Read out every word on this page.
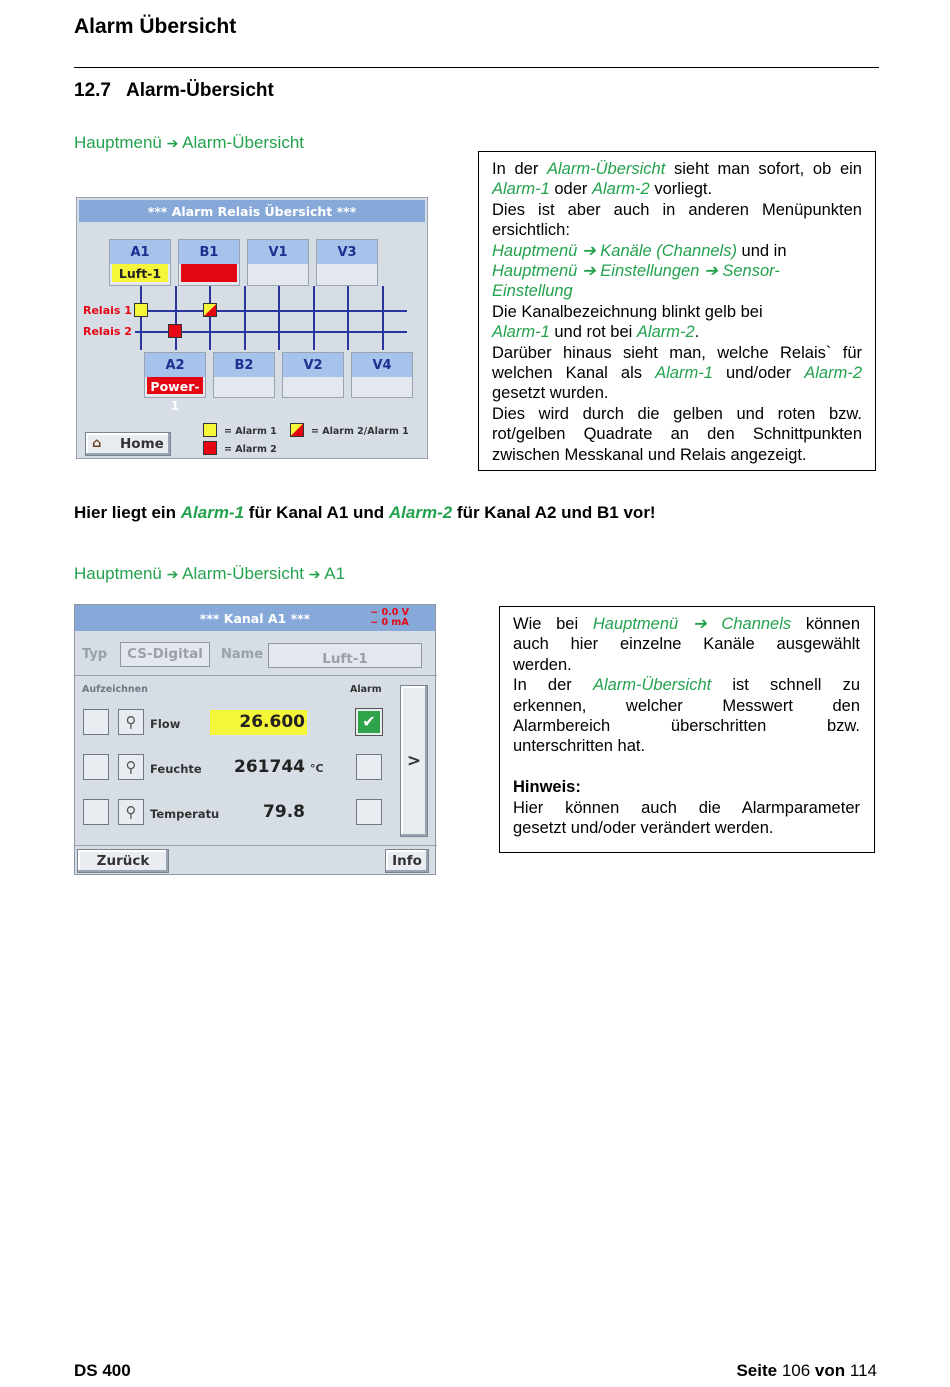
Alarm Übersicht
12.7 Alarm-Übersicht
Hauptmenü ➔ Alarm-Übersicht
*** Alarm Relais Übersicht ***
Relais 1
Relais 2
A1
Luft-1
B1	V1	V3
A2
Power-1
B2	V2	V4
⌂ Home
= Alarm 1
= Alarm 2
= Alarm 2/Alarm 1
In der Alarm-Übersicht sieht man sofort, ob ein
Alarm-1 oder Alarm-2 vorliegt.
Dies ist aber auch in anderen Menüpunkten
ersichtlich:
Hauptmenü ➔ Kanäle (Channels) und in
Hauptmenü ➔ Einstellungen ➔ Sensor-
Einstellung
Die Kanalbezeichnung blinkt gelb bei
Alarm-1 und rot bei Alarm-2.
Darüber hinaus sieht man, welche Relais` für
welchen Kanal als Alarm-1 und/oder Alarm-2
gesetzt wurden.
Dies wird durch die gelben und roten bzw.
rot/gelben Quadrate an den Schnittpunkten
zwischen Messkanal und Relais angezeigt.
Hier liegt ein Alarm-1 für Kanal A1 und Alarm-2 für Kanal A2 und B1 vor!
Hauptmenü ➔ Alarm-Übersicht ➔ A1
*** Kanal A1 ***	~ 0.0 V
~ 0 mA
Typ	CS-Digital	Name	Luft-1
Aufzeichnen	Alarm
⚲	Flow	26.600	✔
⚲	Feuchte	261744 °C
⚲	Temperatu	79.8
>
Zurück	Info
Wie bei Hauptmenü ➔ Channels können
auch hier einzelne Kanäle ausgewählt
werden.
In der Alarm-Übersicht ist schnell zu
erkennen, welcher Messwert den
Alarmbereich überschritten bzw.
unterschritten hat.

Hinweis:
Hier können auch die Alarmparameter
gesetzt und/oder verändert werden.
DS 400	Seite 106 von 114
